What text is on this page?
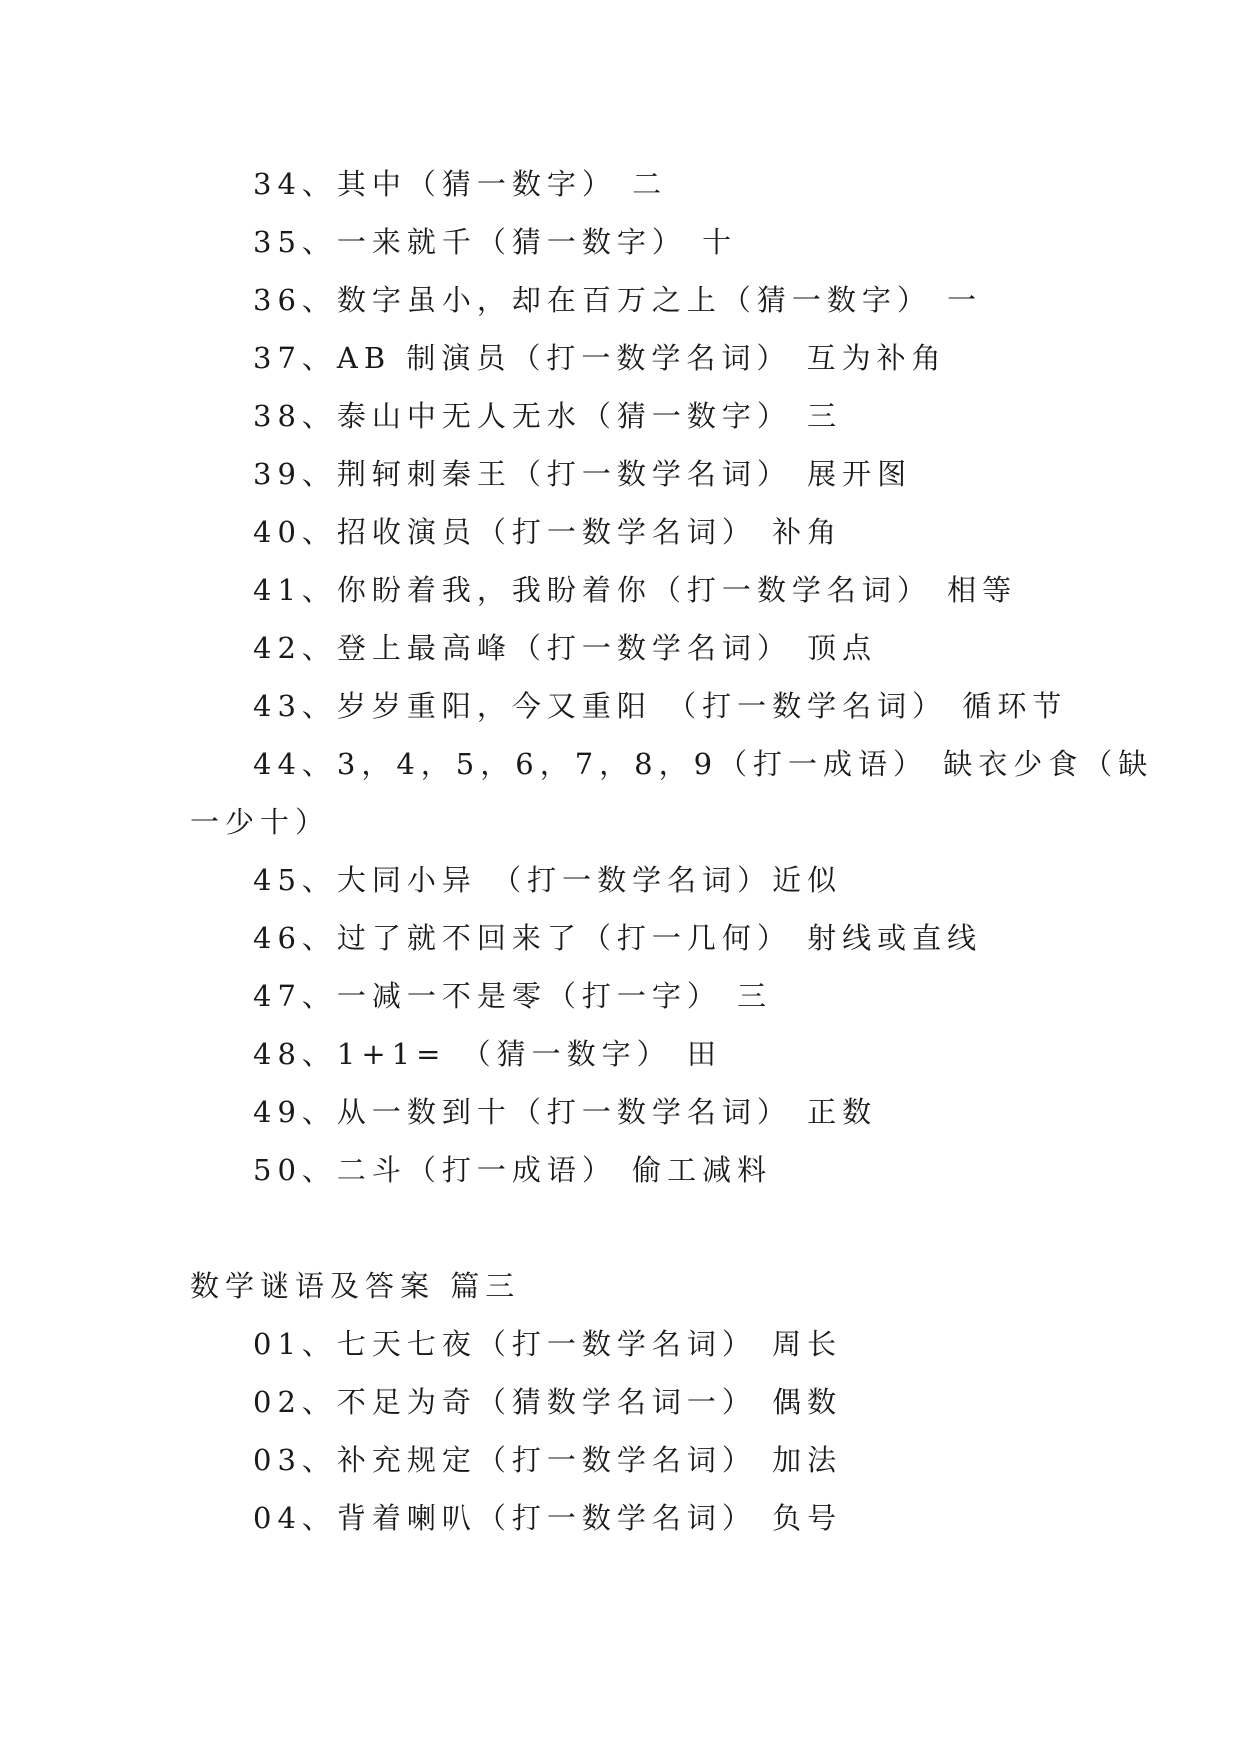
34、其中（猜一数字） 二
35、一来就千（猜一数字） 十
36、数字虽小，却在百万之上（猜一数字） 一
37、AB 制演员（打一数学名词） 互为补角
38、泰山中无人无水（猜一数字） 三
39、荆轲刺秦王（打一数学名词） 展开图
40、招收演员（打一数学名词） 补角
41、你盼着我，我盼着你（打一数学名词） 相等
42、登上最高峰（打一数学名词） 顶点
43、岁岁重阳，今又重阳 （打一数学名词） 循环节
44、3，4，5，6，7，8，9（打一成语） 缺衣少食（缺
一少十）
45、大同小异 （打一数学名词）近似
46、过了就不回来了（打一几何） 射线或直线
47、一减一不是零（打一字） 三
48、1+1= （猜一数字） 田
49、从一数到十（打一数学名词） 正数
50、二斗（打一成语） 偷工减料
数学谜语及答案 篇三
01、七天七夜（打一数学名词） 周长
02、不足为奇（猜数学名词一） 偶数
03、补充规定（打一数学名词） 加法
04、背着喇叭（打一数学名词） 负号
